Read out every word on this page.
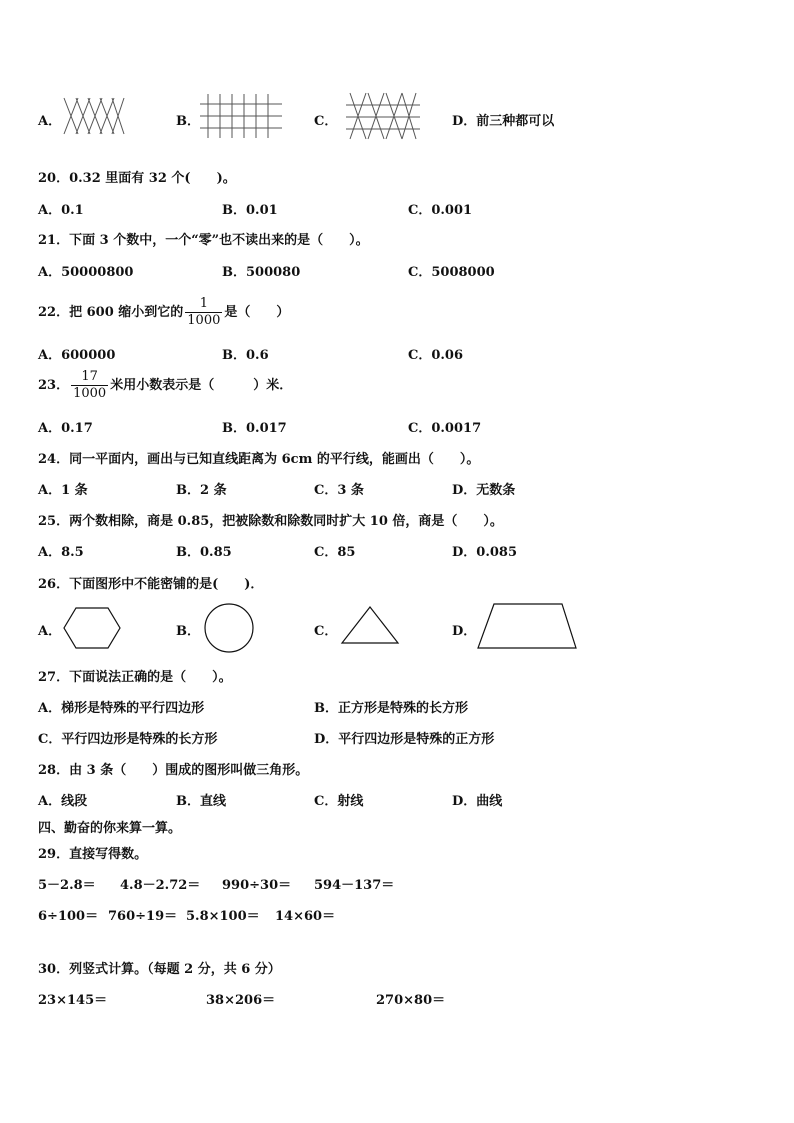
A．	B．	C．	D．前三种都可以
20．0.32 里面有 32 个(　　)。
A．0.1	B．0.01	C．0.001
21．下面 3 个数中，一个“零”也不读出来的是（　　）。
A．50000800	B．500080	C．5008000
22．把 600 缩小到它的 $\frac{1}{1000}$ 是（　　）
A．600000	B．0.6	C．0.06
23． $\frac{17}{1000}$ 米用小数表示是（　　　）米．
A．0.17	B．0.017	C．0.0017
24．同一平面内，画出与已知直线距离为 6cm 的平行线，能画出（　　）。
A．1 条	B．2 条	C．3 条	D．无数条
25．两个数相除，商是 0.85，把被除数和除数同时扩大 10 倍，商是（　　）。
A．8.5	B．0.85	C．85	D．0.085
26．下面图形中不能密铺的是(　　)．
A．	B．	C．	D．
27．下面说法正确的是（　　）。
A．梯形是特殊的平行四边形	B．正方形是特殊的长方形
C．平行四边形是特殊的长方形	D．平行四边形是特殊的正方形
28．由 3 条（　　）围成的图形叫做三角形。
A．线段	B．直线	C．射线	D．曲线
四、勤奋的你来算一算。
29．直接写得数。
5－2.8＝ 4.8－2.72＝ 990÷30＝ 594－137＝
6÷100＝ 760÷19＝ 5.8×100＝ 14×60＝
30．列竖式计算。（每题 2 分，共 6 分）
23×145＝	38×206＝	270×80＝
